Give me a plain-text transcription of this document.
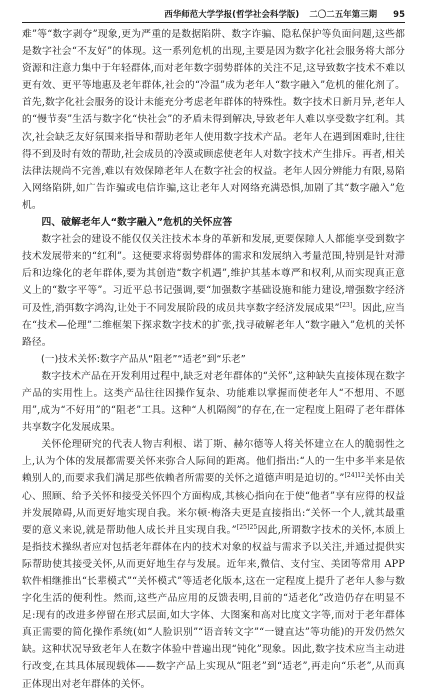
西华师范大学学报(哲学社会科学版) 二〇二五年第三期 95

难”等“数字剥夺”现象,更为严重的是数据陷阱、数字诈骗、隐私保护等负面问题,这些都是数字社会“不友好”的体现。这一系列危机的出现,主要是因为数字化社会服务将大部分资源和注意力集中于年轻群体,而对老年数字弱势群体的关注不足,这导致数字技术不难以更有效、更平等地惠及老年群体,社会的“冷温”成为老年人“数字融入”危机的催化剂了。首先,数字化社会服务的设计未能充分考虑老年群体的特殊性。数字技术日新月异,老年人的“慢节奏”生活与数字化“快社会”的矛盾未得到解决,导致老年人难以享受数字红利。其次,社会缺乏友好氛围来指导和帮助老年人使用数字技术产品。老年人在遇到困难时,往往得不到及时有效的帮助,社会成员的冷漠或顾虑使老年人对数字技术产生排斥。再者,相关法律法规尚不完善,难以有效保障老年人在数字社会的权益。老年人因分辨能力有限,易陷入网络陷阱,如广告诈骗或电信诈骗,这让老年人对网络充满恐惧,加剧了其“数字融入”危机。

四、破解老年人“数字融入”危机的关怀应答

数字社会的建设不能仅仅关注技术本身的革新和发展,更要保障人人都能享受到数字技术发展带来的“红利”。这便要求将弱势群体的需求和发展纳入考量范围,特别是针对滞后和边缘化的老年群体,要为其创造“数字机遇”,维护其基本尊严和权利,从而实现真正意义上的“数字平等”。习近平总书记强调,要“加强数字基础设施和能力建设,增强数字经济可及性,消弭数字鸿沟,让处于不同发展阶段的成员共享数字经济发展成果”[23]。因此,应当在“技术—伦理”二维框架下探求数字技术的扩张,找寻破解老年人“数字融入”危机的关怀路径。

(一)技术关怀:数字产品从“阻老”“适老”到“乐老”

数字技术产品在开发利用过程中,缺乏对老年群体的“关怀”,这种缺失直接体现在数字产品的实用性上。这类产品往往因操作复杂、功能难以掌握而使老年人“不想用、不愿用”,成为“不好用”的“阻老”工具。这种“人机隔阂”的存在,在一定程度上阻碍了老年群体共享数字化发展成果。

关怀伦理研究的代表人物吉利根、诺丁斯、赫尔德等人将关怀建立在人的脆弱性之上,认为个体的发展都需要关怀来弥合人际间的距离。他们指出:“人的一生中多半来是依赖别人的,而要求我们满足那些依赖者所需要的关怀之道德声明是迫切的。”$^{[24]12}$关怀由关心、照顾、给予关怀和接受关怀四个方面构成,其核心指向在于使“他者”享有应得的权益并发展障碍,从而更好地实现自我。米尔顿·梅洛夫更是直接指出:“关怀一个人,就其最重要的意义来说,就是帮助他人成长并且实现自我。”$^{[25]25}$因此,所谓数字技术的关怀,本质上是指技术操纵者应对包括老年群体在内的技术对象的权益与需求予以关注,并通过提供实际帮助使其接受关怀,从而更好地生存与发展。近年来,微信、支付宝、美团等常用 APP 软件相继推出“长辈模式”“关怀模式”等适老化版本,这在一定程度上提升了老年人参与数字化生活的便利性。然而,这些产品应用的反馈表明,目前的“适老化”改造仍存在明显不足:现有的改进多停留在形式层面,如大字体、大图案和高对比度文字等,而对于老年群体真正需要的简化操作系统(如“人脸识别”“语音转文字”“一键直达”等功能)的开发仍然欠缺。这种状况导致老年人在数字体验中普遍出现“钝化”现象。因此,数字技术应当主动进行改变,在其具体展现载体——数字产品上实现从“阻老”到“适老”,再走向“乐老”,从而真正体现出对老年群体的关怀。
